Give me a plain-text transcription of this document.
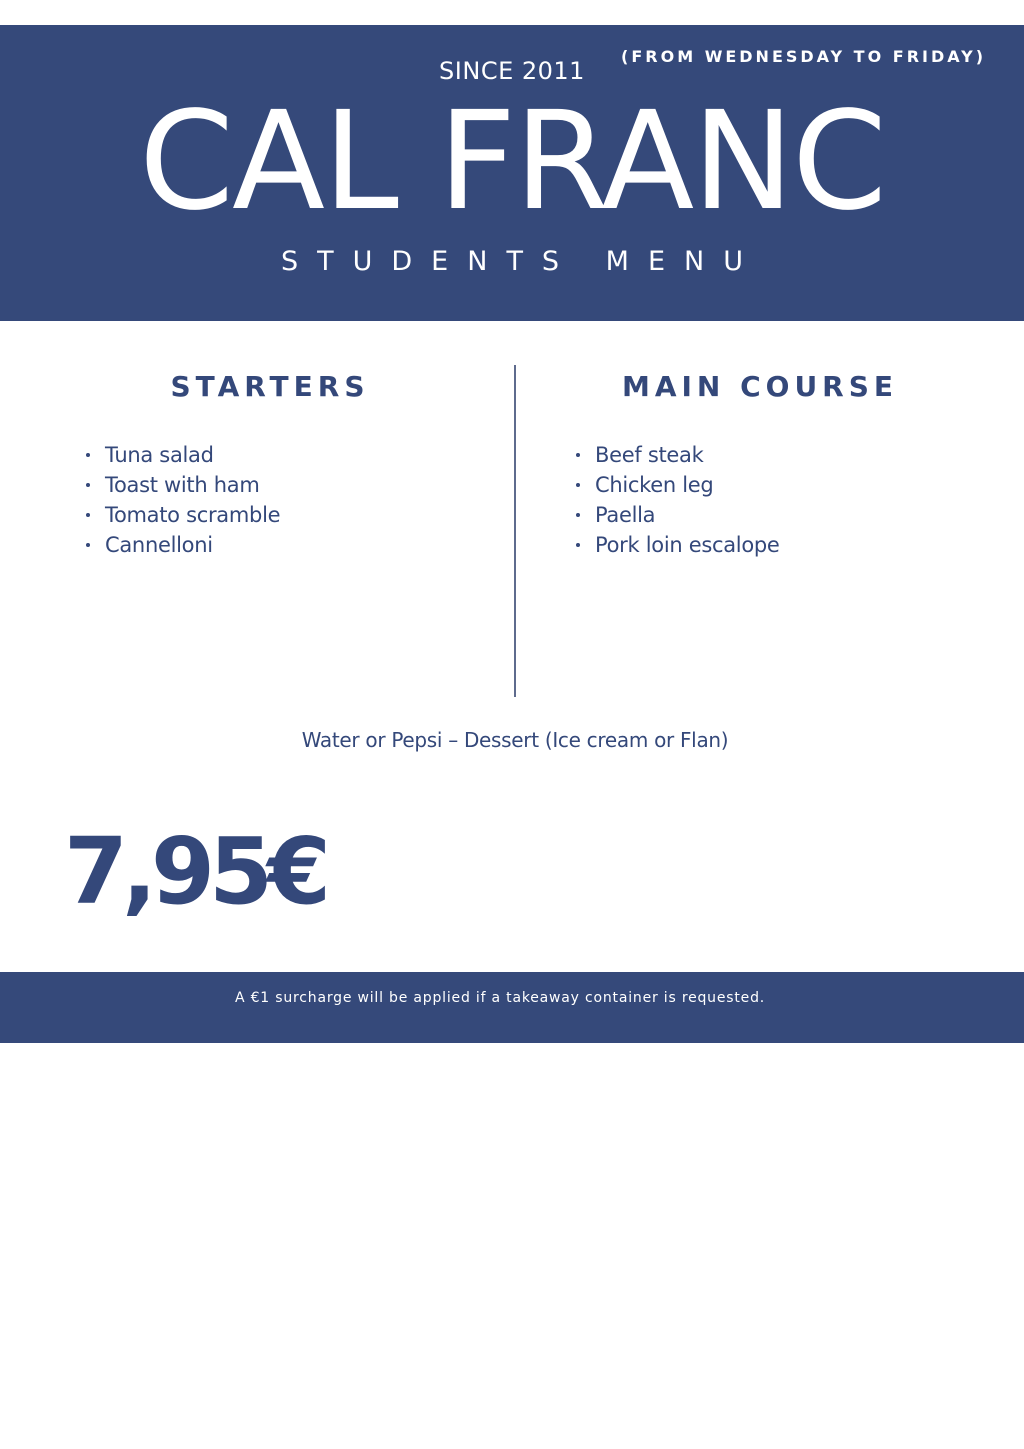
(FROM WEDNESDAY TO FRIDAY)
SINCE 2011
CAL FRANC
STUDENTS MENU
STARTERS
Tuna salad
Toast with ham
Tomato scramble
Cannelloni
MAIN COURSE
Beef steak
Chicken leg
Paella
Pork loin escalope
Water or Pepsi – Dessert (Ice cream or Flan)
7,95€
A €1 surcharge will be applied if a takeaway container is requested.
